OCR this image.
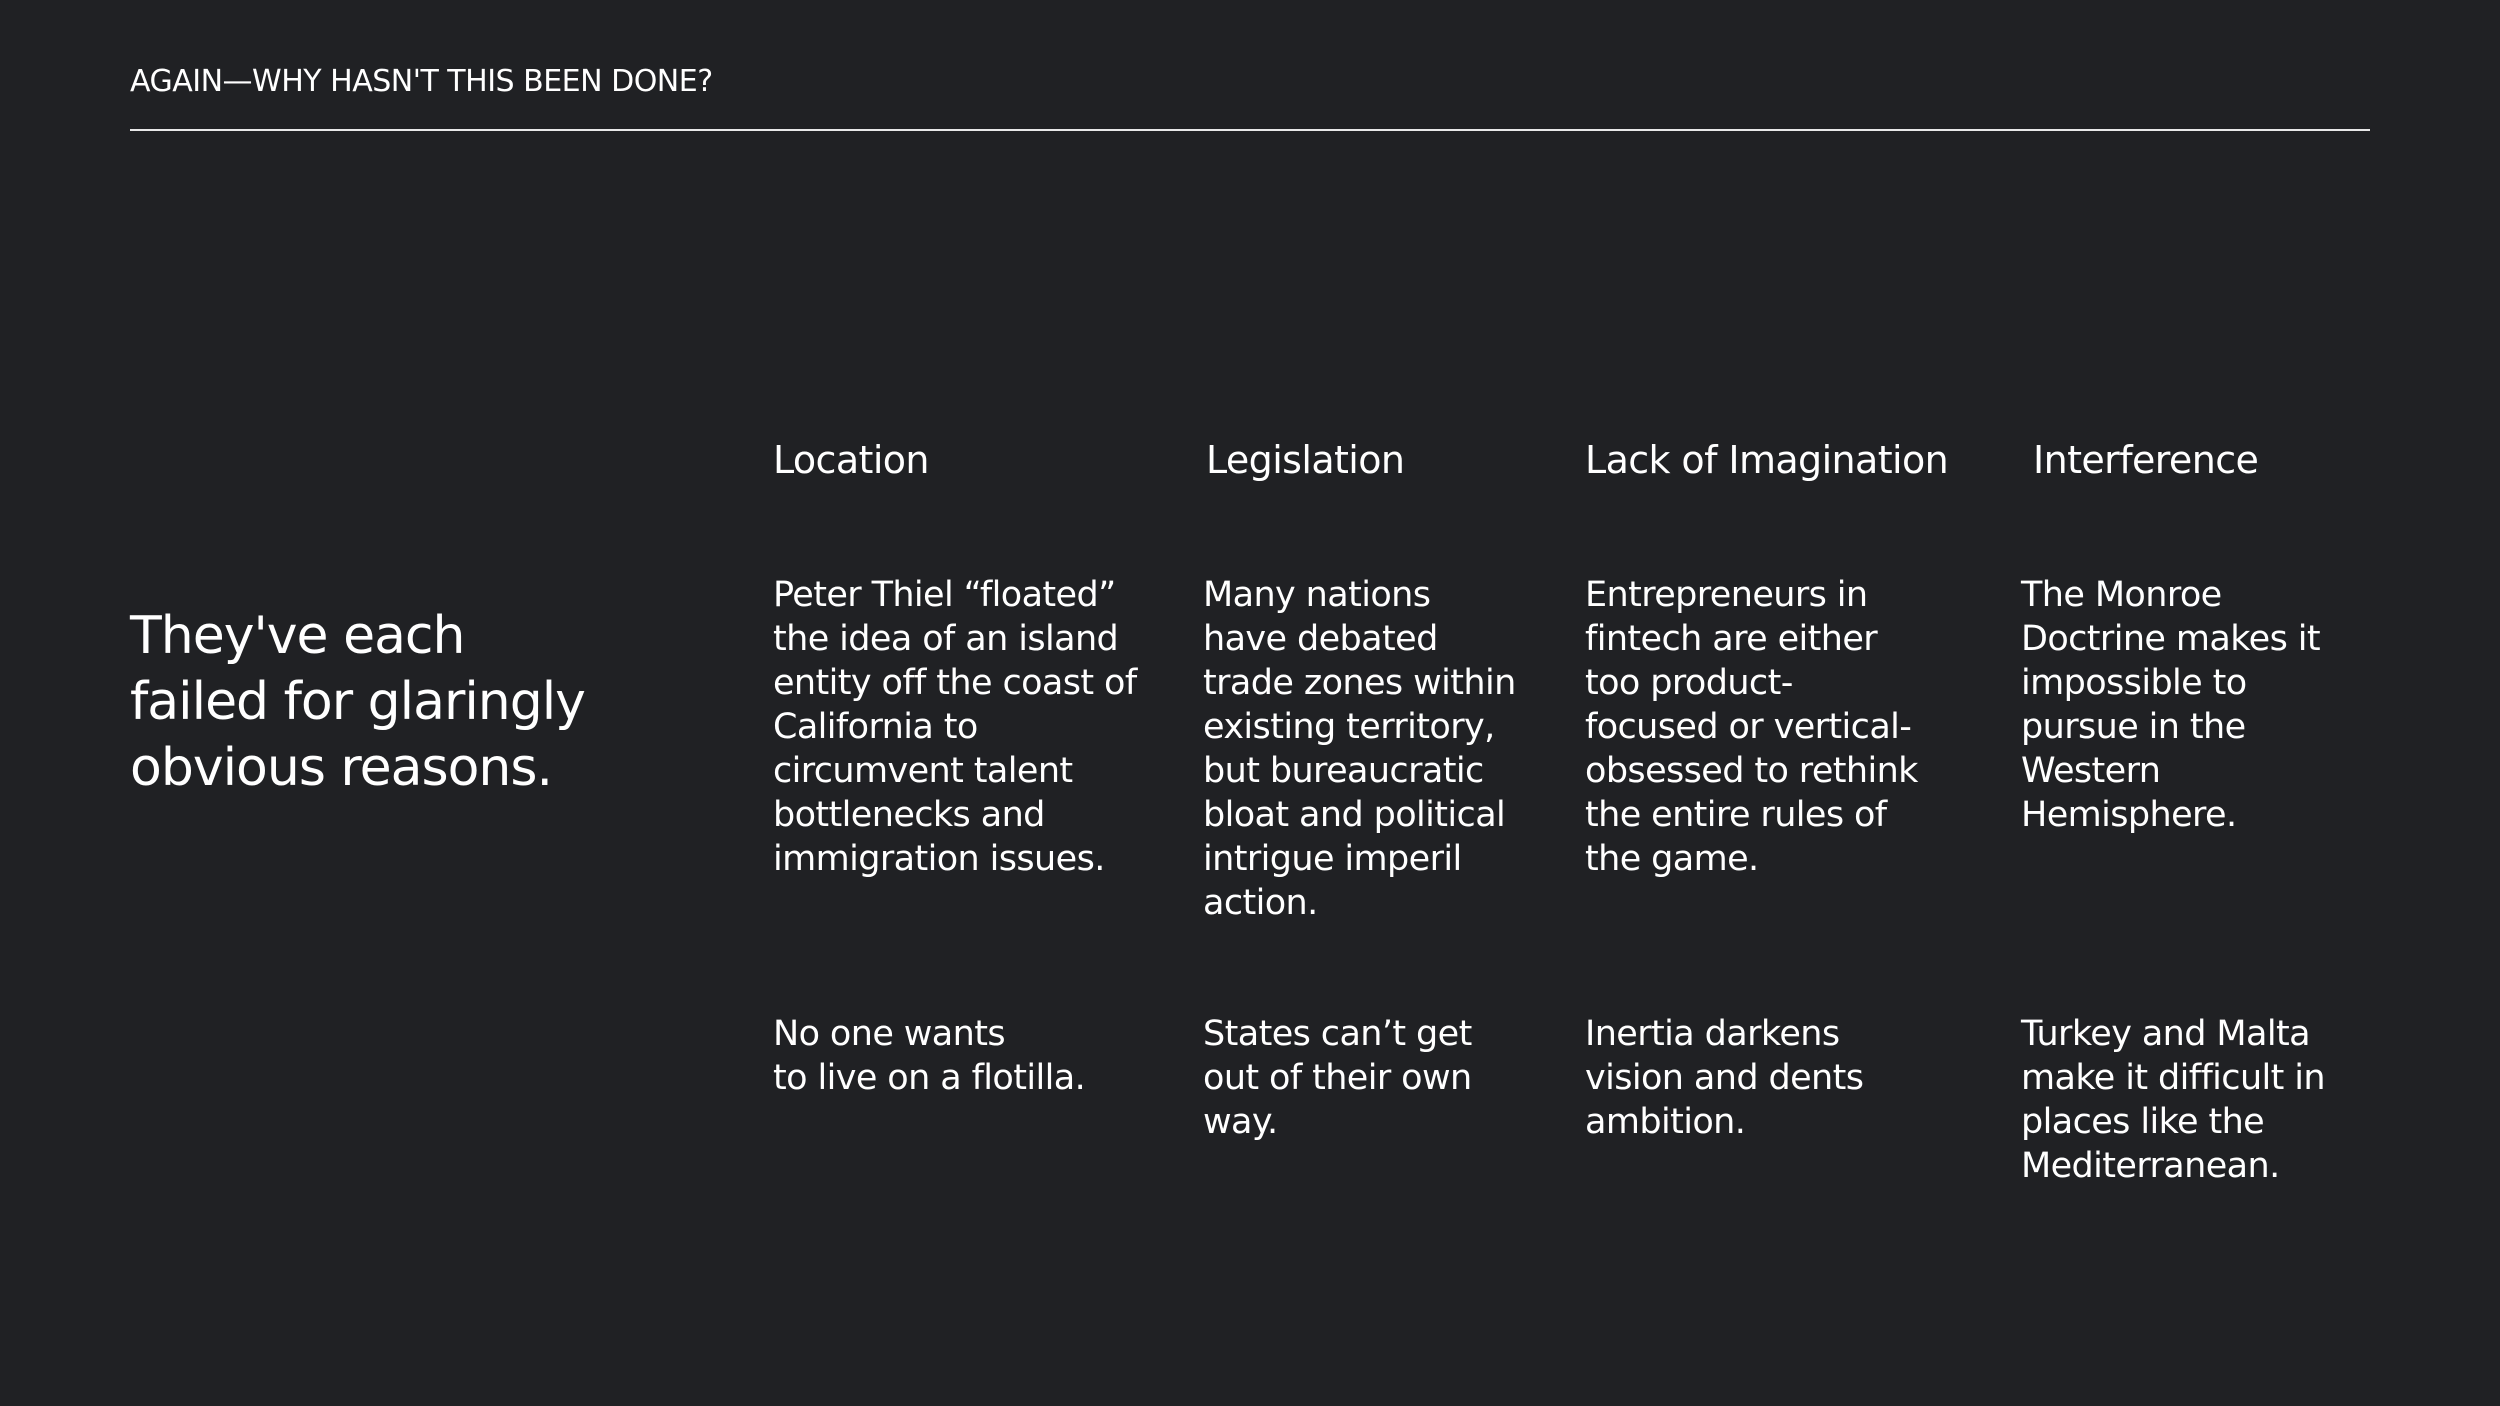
AGAIN—WHY HASN'T THIS BEEN DONE?
They've each
failed for glaringly
obvious reasons.
Location
Peter Thiel “floated”
the idea of an island
entity off the coast of
California to
circumvent talent
bottlenecks and
immigration issues.
No one wants
to live on a flotilla.
Legislation
Many nations
have debated
trade zones within
existing territory,
but bureaucratic
bloat and political
intrigue imperil
action.
States can’t get
out of their own
way.
Lack of Imagination
Entrepreneurs in
fintech are either
too product-
focused or vertical-
obsessed to rethink
the entire rules of
the game.
Inertia darkens
vision and dents
ambition.
Interference
The Monroe
Doctrine makes it
impossible to
pursue in the
Western
Hemisphere.
Turkey and Malta
make it difficult in
places like the
Mediterranean.
